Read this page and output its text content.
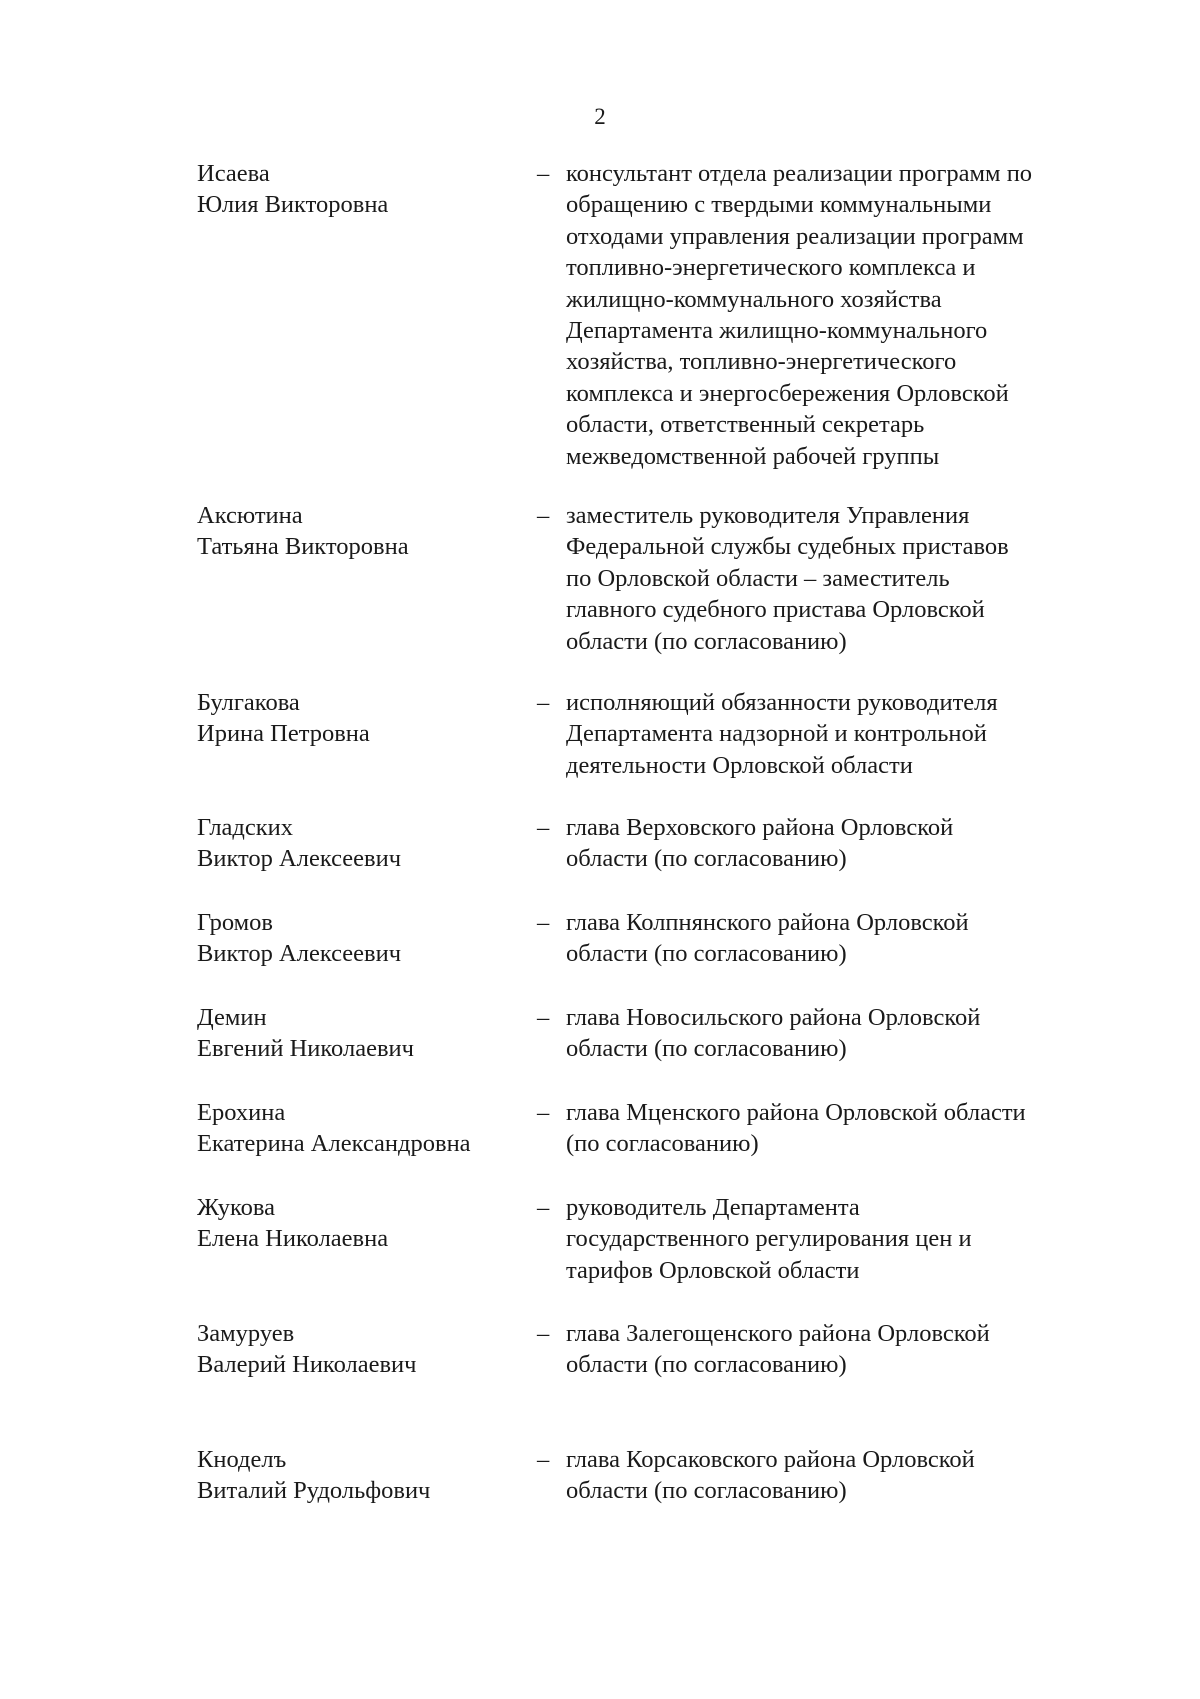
2
Исаева
Юлия Викторовна
– консультант отдела реализации программ по
обращению с твердыми коммунальными
отходами управления реализации программ
топливно-энергетического комплекса и
жилищно-коммунального хозяйства
Департамента жилищно-коммунального
хозяйства, топливно-энергетического
комплекса и энергосбережения Орловской
области, ответственный секретарь
межведомственной рабочей группы
Аксютина
Татьяна Викторовна
– заместитель руководителя Управления
Федеральной службы судебных приставов
по Орловской области – заместитель
главного судебного пристава Орловской
области (по согласованию)
Булгакова
Ирина Петровна
– исполняющий обязанности руководителя
Департамента надзорной и контрольной
деятельности Орловской области
Гладских
Виктор Алексеевич
– глава Верховского района Орловской
области (по согласованию)
Громов
Виктор Алексеевич
– глава Колпнянского района Орловской
области (по согласованию)
Демин
Евгений Николаевич
– глава Новосильского района Орловской
области (по согласованию)
Ерохина
Екатерина Александровна
– глава Мценского района Орловской области
(по согласованию)
Жукова
Елена Николаевна
– руководитель Департамента
государственного регулирования цен и
тарифов Орловской области
Замуруев
Валерий Николаевич
– глава Залегощенского района Орловской
области (по согласованию)
Кноделъ
Виталий Рудольфович
– глава Корсаковского района Орловской
области (по согласованию)
